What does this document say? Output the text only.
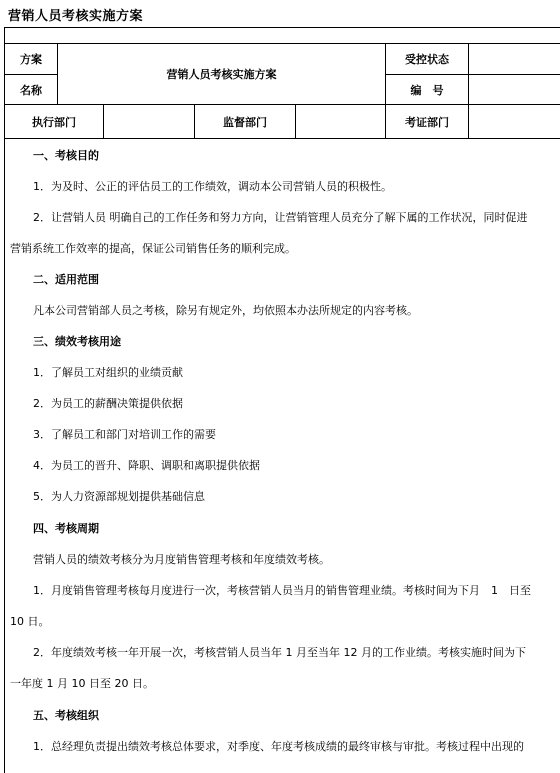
营销人员考核实施方案
方案	营销人员考核实施方案				受控状态	
名称					编　号	
执行部门			监督部门		考证部门	
一、考核目的
1．为及时、公正的评估员工的工作绩效，调动本公司营销人员的积极性。
2．让营销人员 明确自己的工作任务和努力方向，让营销管理人员充分了解下属的工作状况，同时促进
营销系统工作效率的提高，保证公司销售任务的顺利完成。
二、适用范围
凡本公司营销部人员之考核，除另有规定外，均依照本办法所规定的内容考核。
三、绩效考核用途
1．了解员工对组织的业绩贡献
2．为员工的薪酬决策提供依据
3．了解员工和部门对培训工作的需要
4．为员工的晋升、降职、调职和离职提供依据
5．为人力资源部规划提供基础信息
四、考核周期
营销人员的绩效考核分为月度销售管理考核和年度绩效考核。
1．月度销售管理考核每月度进行一次，考核营销人员当月的销售管理业绩。考核时间为下月　1　日至
10 日。
2．年度绩效考核一年开展一次，考核营销人员当年 1 月至当年 12 月的工作业绩。考核实施时间为下
一年度 1 月 10 日至 20 日。
五、考核组织
1．总经理负责提出绩效考核总体要求，对季度、年度考核成绩的最终审核与审批。考核过程中出现的
